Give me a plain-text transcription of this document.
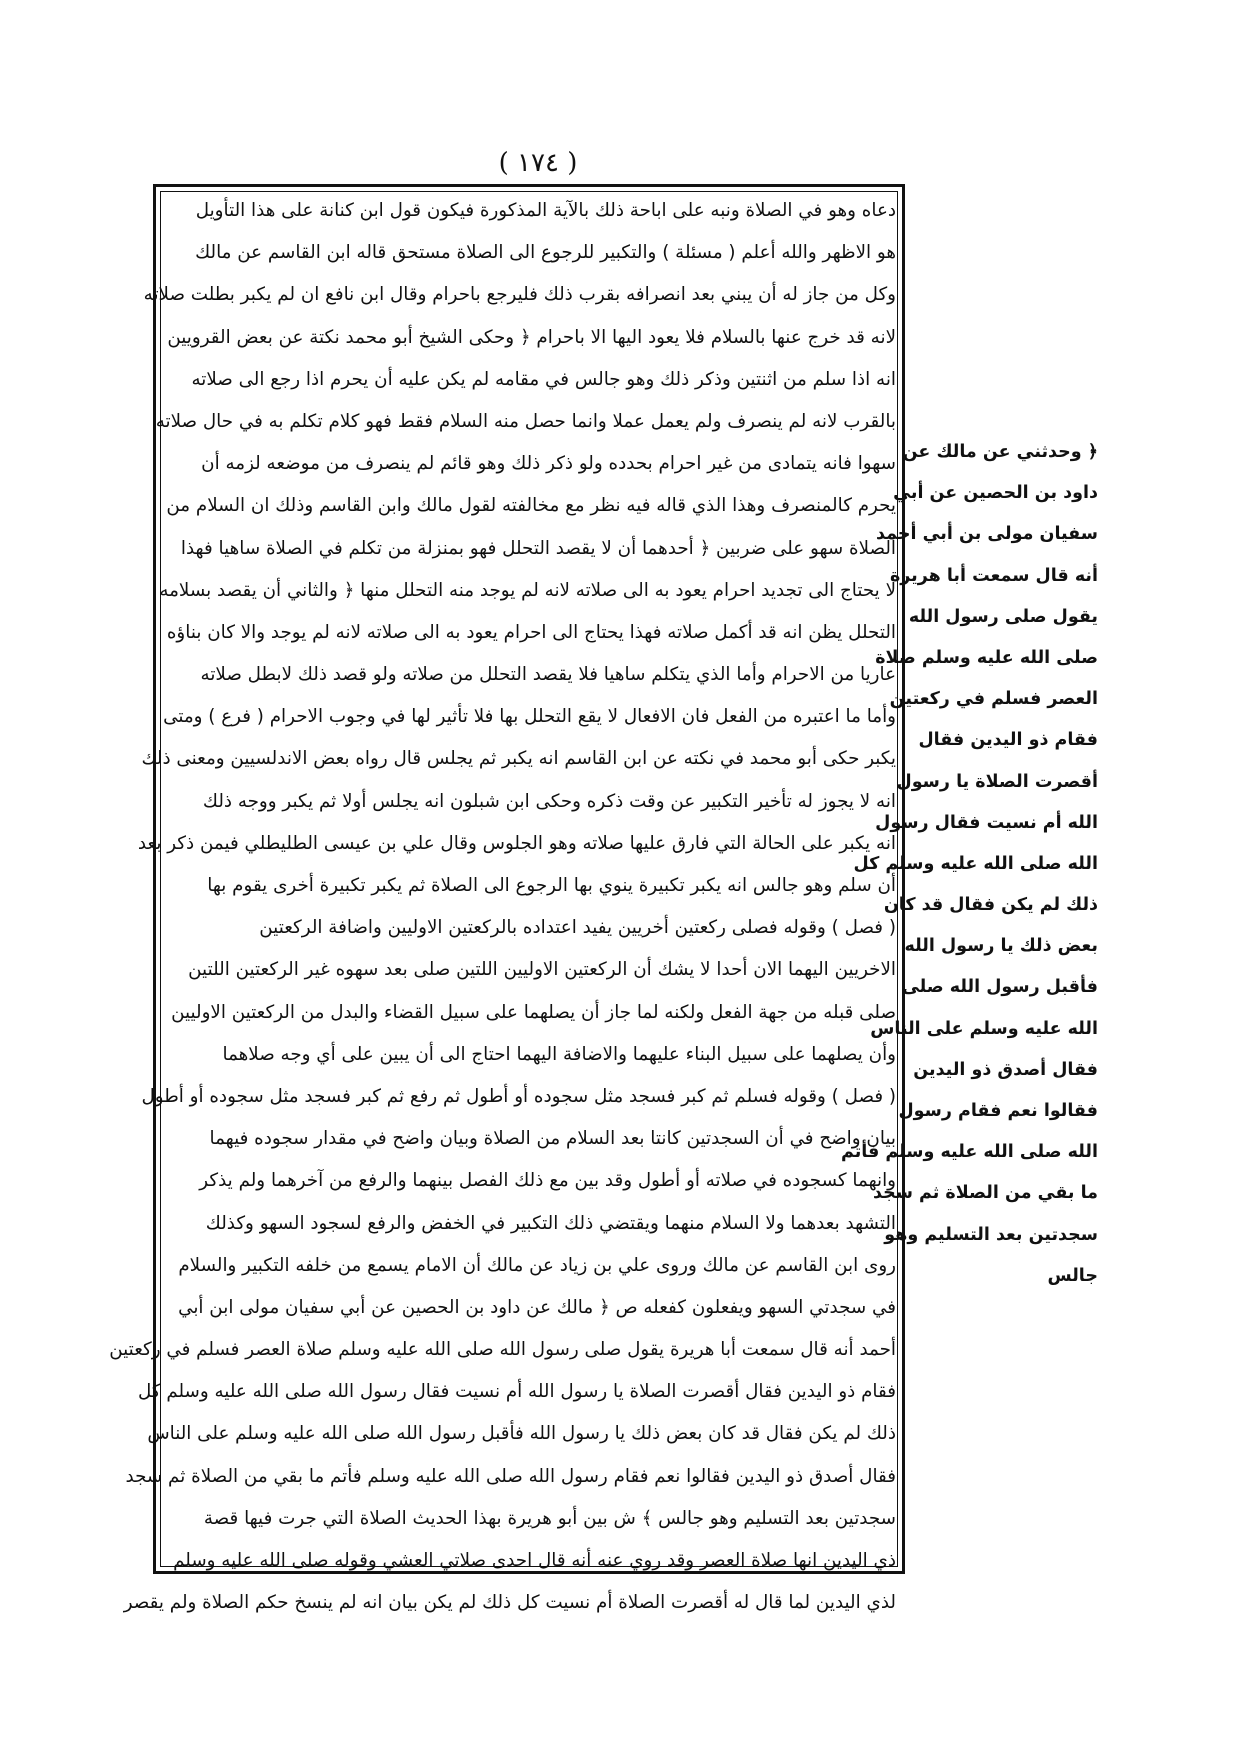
( ١٧٤ )
دعاه وهو في الصلاة ونبه على اباحة ذلك بالآية المذكورة فيكون قول ابن كنانة على هذا التأويل
هو الاظهر والله أعلم ( مسئلة ) والتكبير للرجوع الى الصلاة مستحق قاله ابن القاسم عن مالك
وكل من جاز له أن يبني بعد انصرافه بقرب ذلك فليرجع باحرام وقال ابن نافع ان لم يكبر بطلت صلاته
لانه قد خرج عنها بالسلام فلا يعود اليها الا باحرام ﴿ وحكى الشيخ أبو محمد نكتة عن بعض القرويين
انه اذا سلم من اثنتين وذكر ذلك وهو جالس في مقامه لم يكن عليه أن يحرم اذا رجع الى صلاته
بالقرب لانه لم ينصرف ولم يعمل عملا وانما حصل منه السلام فقط فهو كلام تكلم به في حال صلاته
سهوا فانه يتمادى من غير احرام بحدده ولو ذكر ذلك وهو قائم لم ينصرف من موضعه لزمه أن
يحرم كالمنصرف وهذا الذي قاله فيه نظر مع مخالفته لقول مالك وابن القاسم وذلك ان السلام من
الصلاة سهو على ضربين ﴿ أحدهما أن لا يقصد التحلل فهو بمنزلة من تكلم في الصلاة ساهيا فهذا
لا يحتاج الى تجديد احرام يعود به الى صلاته لانه لم يوجد منه التحلل منها ﴿ والثاني أن يقصد بسلامه
التحلل يظن انه قد أكمل صلاته فهذا يحتاج الى احرام يعود به الى صلاته لانه لم يوجد والا كان بناؤه
عاريا من الاحرام وأما الذي يتكلم ساهيا فلا يقصد التحلل من صلاته ولو قصد ذلك لابطل صلاته
وأما ما اعتبره من الفعل فان الافعال لا يقع التحلل بها فلا تأثير لها في وجوب الاحرام ( فرع ) ومتى
يكبر حكى أبو محمد في نكته عن ابن القاسم انه يكبر ثم يجلس قال رواه بعض الاندلسيين ومعنى ذلك
انه لا يجوز له تأخير التكبير عن وقت ذكره وحكى ابن شبلون انه يجلس أولا ثم يكبر ووجه ذلك
انه يكبر على الحالة التي فارق عليها صلاته وهو الجلوس وقال علي بن عيسى الطليطلي فيمن ذكر بعد
أن سلم وهو جالس انه يكبر تكبيرة ينوي بها الرجوع الى الصلاة ثم يكبر تكبيرة أخرى يقوم بها
( فصل ) وقوله فصلى ركعتين أخريين يفيد اعتداده بالركعتين الاوليين واضافة الركعتين
الاخريين اليهما الان أحدا لا يشك أن الركعتين الاوليين اللتين صلى بعد سهوه غير الركعتين اللتين
صلى قبله من جهة الفعل ولكنه لما جاز أن يصلهما على سبيل القضاء والبدل من الركعتين الاوليين
وأن يصلهما على سبيل البناء عليهما والاضافة اليهما احتاج الى أن يبين على أي وجه صلاهما
( فصل ) وقوله فسلم ثم كبر فسجد مثل سجوده أو أطول ثم رفع ثم كبر فسجد مثل سجوده أو أطول
بيان واضح في أن السجدتين كانتا بعد السلام من الصلاة وبيان واضح في مقدار سجوده فيهما
وانهما كسجوده في صلاته أو أطول وقد بين مع ذلك الفصل بينهما والرفع من آخرهما ولم يذكر
التشهد بعدهما ولا السلام منهما ويقتضي ذلك التكبير في الخفض والرفع لسجود السهو وكذلك
روى ابن القاسم عن مالك وروى علي بن زياد عن مالك أن الامام يسمع من خلفه التكبير والسلام
في سجدتي السهو ويفعلون كفعله ص ﴿ مالك عن داود بن الحصين عن أبي سفيان مولى ابن أبي
أحمد أنه قال سمعت أبا هريرة يقول صلى رسول الله صلى الله عليه وسلم صلاة العصر فسلم في ركعتين
فقام ذو اليدين فقال أقصرت الصلاة يا رسول الله أم نسيت فقال رسول الله صلى الله عليه وسلم كل
ذلك لم يكن فقال قد كان بعض ذلك يا رسول الله فأقبل رسول الله صلى الله عليه وسلم على الناس
فقال أصدق ذو اليدين فقالوا نعم فقام رسول الله صلى الله عليه وسلم فأتم ما بقي من الصلاة ثم سجد
سجدتين بعد التسليم وهو جالس ﴾ ش بين أبو هريرة بهذا الحديث الصلاة التي جرت فيها قصة
ذي اليدين انها صلاة العصر وقد روي عنه أنه قال احدى صلاتي العشي وقوله صلى الله عليه وسلم
لذي اليدين لما قال له أقصرت الصلاة أم نسيت كل ذلك لم يكن بيان انه لم ينسخ حكم الصلاة ولم يقصر
﴿ وحدثني عن مالك عن
داود بن الحصين عن أبي
سفيان مولى بن أبي أحمد
أنه قال سمعت أبا هريرة
يقول صلى رسول الله
صلى الله عليه وسلم صلاة
العصر فسلم في ركعتين
فقام ذو اليدين فقال
أقصرت الصلاة يا رسول
الله أم نسيت فقال رسول
الله صلى الله عليه وسلم كل
ذلك لم يكن فقال قد كان
بعض ذلك يا رسول الله
فأقبل رسول الله صلى
الله عليه وسلم على الناس
فقال أصدق ذو اليدين
فقالوا نعم فقام رسول
الله صلى الله عليه وسلم فأتم
ما بقي من الصلاة ثم سجد
سجدتين بعد التسليم وهو
جالس
